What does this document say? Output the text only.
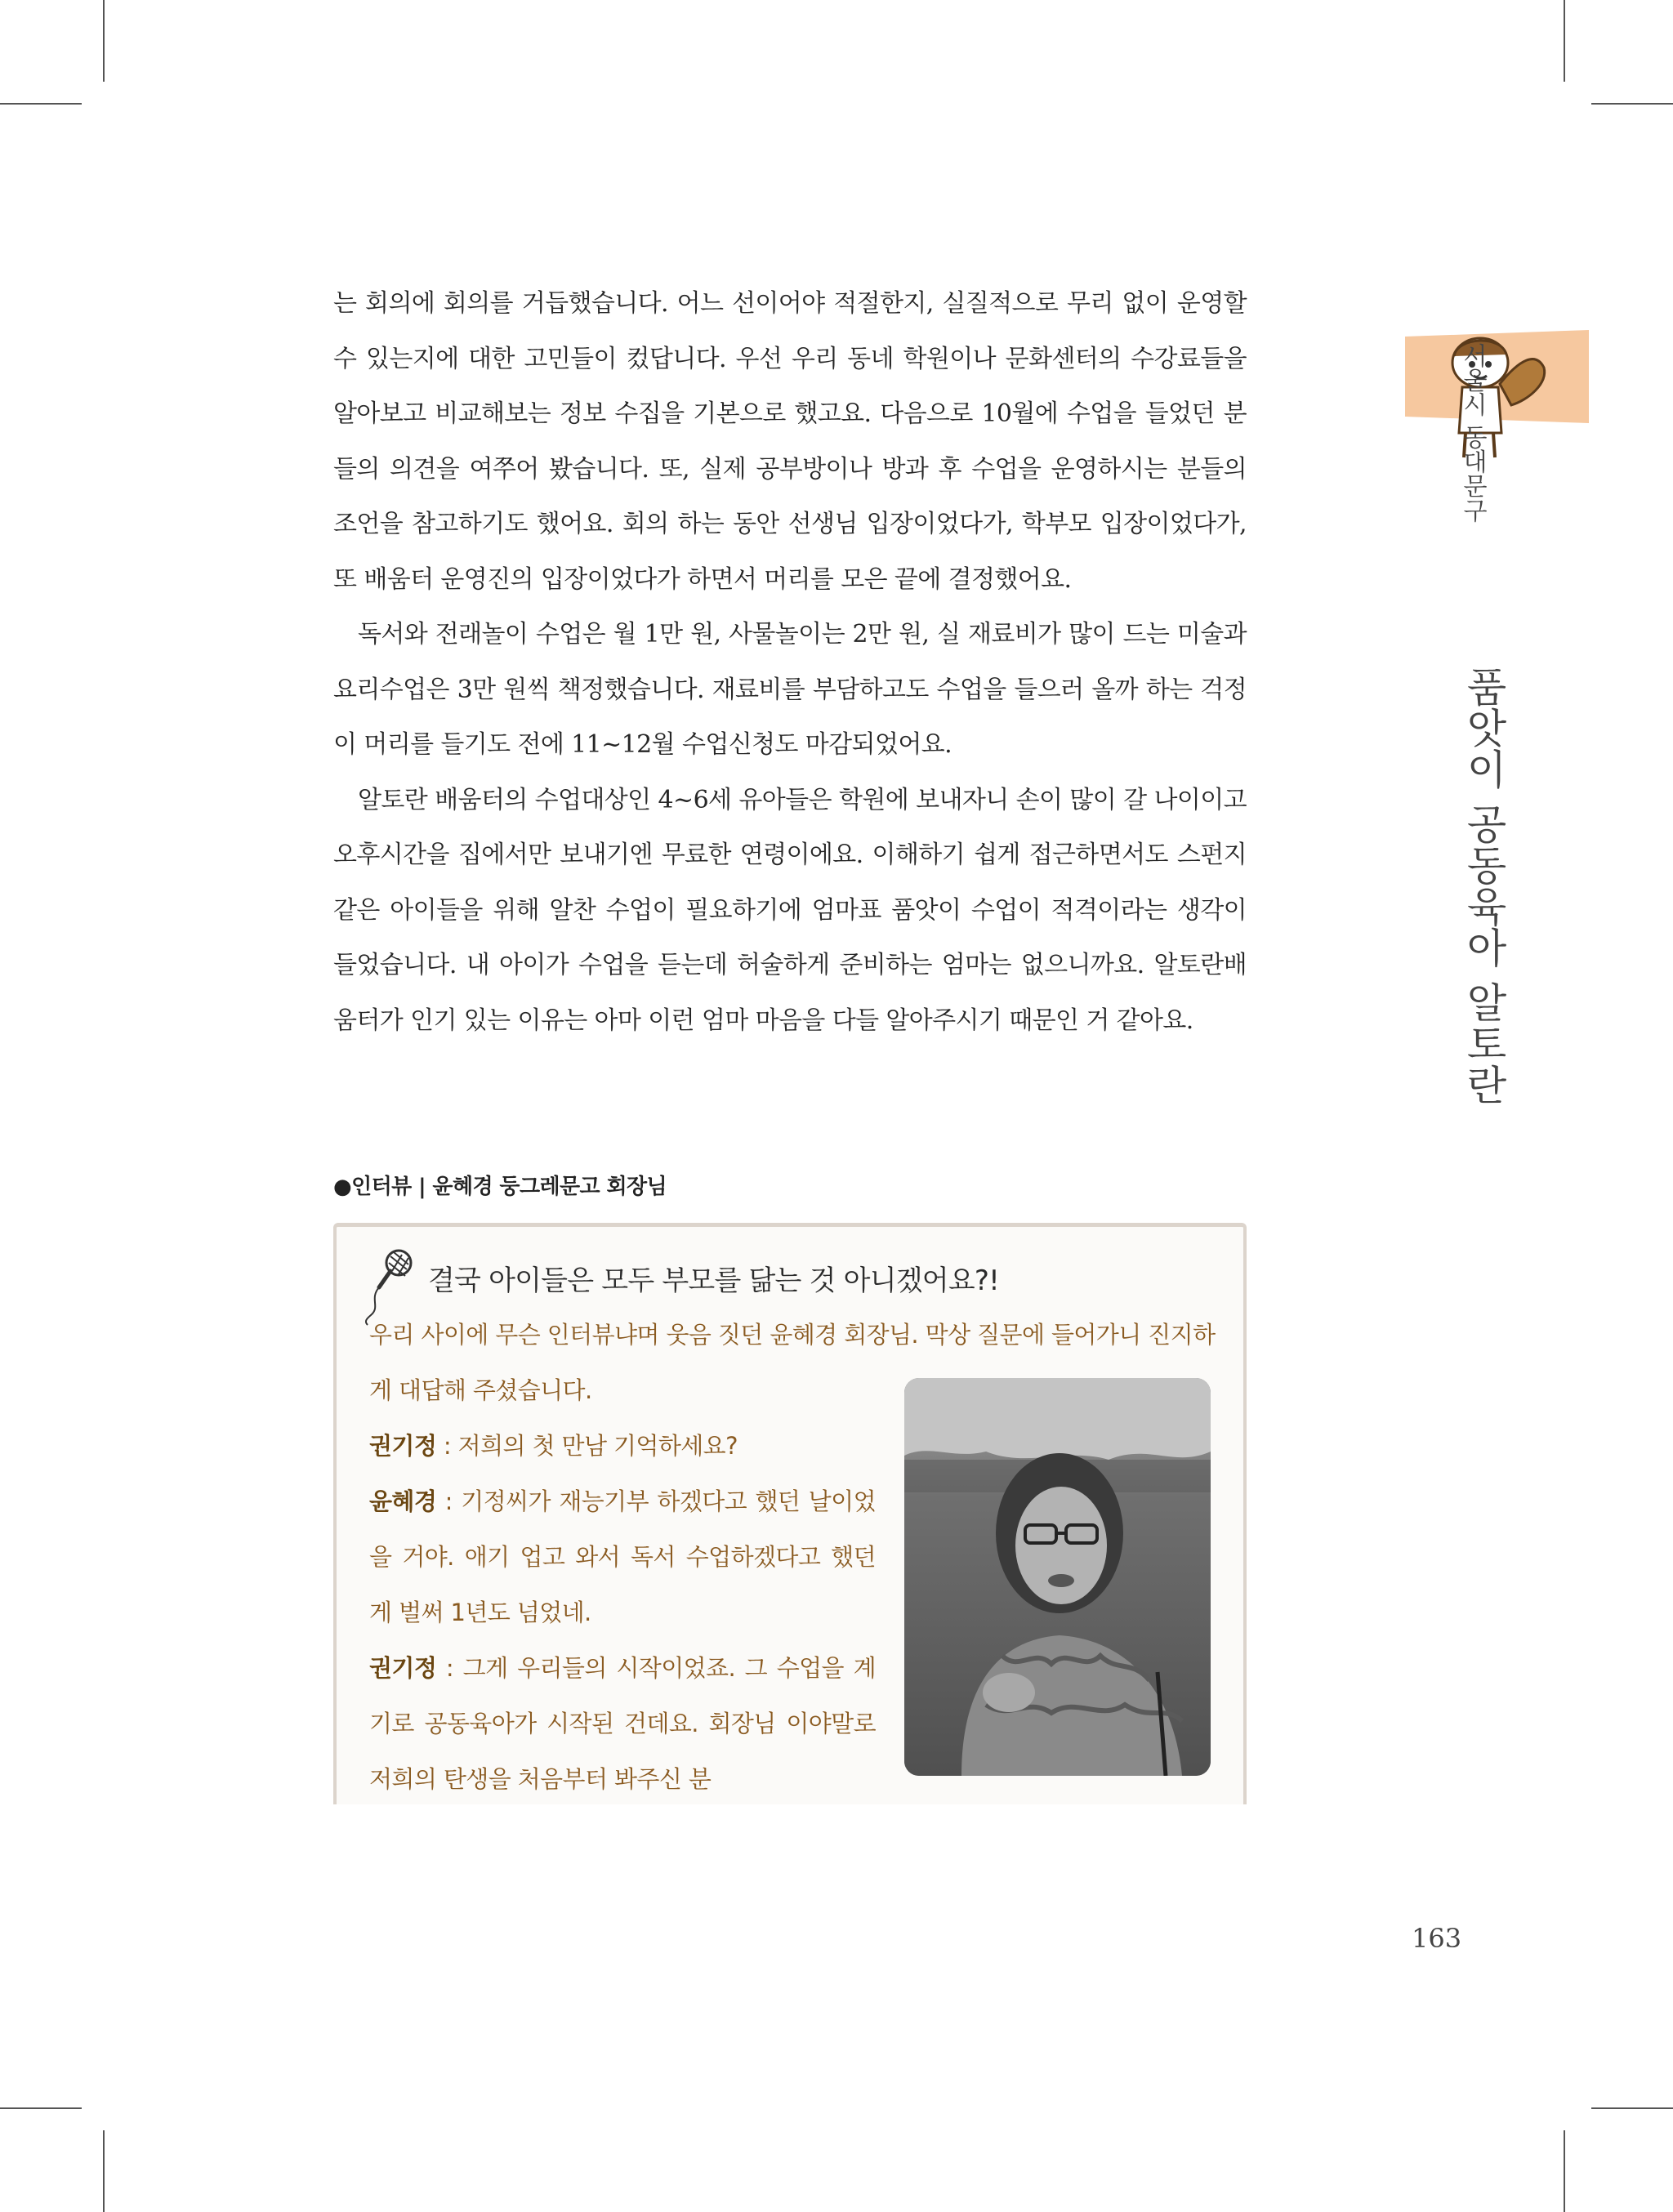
는 회의에 회의를 거듭했습니다. 어느 선이어야 적절한지, 실질적으로 무리 없이 운영할 수 있는지에 대한 고민들이 컸답니다. 우선 우리 동네 학원이나 문화센터의 수강료들을 알아보고 비교해보는 정보 수집을 기본으로 했고요. 다음으로 10월에 수업을 들었던 분들의 의견을 여쭈어 봤습니다. 또, 실제 공부방이나 방과 후 수업을 운영하시는 분들의 조언을 참고하기도 했어요. 회의 하는 동안 선생님 입장이었다가, 학부모 입장이었다가, 또 배움터 운영진의 입장이었다가 하면서 머리를 모은 끝에 결정했어요.

독서와 전래놀이 수업은 월 1만 원, 사물놀이는 2만 원, 실 재료비가 많이 드는 미술과 요리수업은 3만 원씩 책정했습니다. 재료비를 부담하고도 수업을 들으러 올까 하는 걱정이 머리를 들기도 전에 11~12월 수업신청도 마감되었어요.

알토란 배움터의 수업대상인 4~6세 유아들은 학원에 보내자니 손이 많이 갈 나이이고 오후시간을 집에서만 보내기엔 무료한 연령이에요. 이해하기 쉽게 접근하면서도 스펀지 같은 아이들을 위해 알찬 수업이 필요하기에 엄마표 품앗이 수업이 적격이라는 생각이 들었습니다. 내 아이가 수업을 듣는데 허술하게 준비하는 엄마는 없으니까요. 알토란배움터가 인기 있는 이유는 아마 이런 엄마 마음을 다들 알아주시기 때문인 거 같아요.

●인터뷰 | 윤혜경 둥그레문고 회장님
결국 아이들은 모두 부모를 닮는 것 아니겠어요?!
우리 사이에 무슨 인터뷰냐며 웃음 짓던 윤혜경 회장님. 막상 질문에 들어가니 진지하게 대답해 주셨습니다.

권기정 : 저희의 첫 만남 기억하세요?

윤혜경 : 기정씨가 재능기부 하겠다고 했던 날이었을 거야. 애기 업고 와서 독서 수업하겠다고 했던 게 벌써 1년도 넘었네.

권기정 : 그게 우리들의 시작이었죠. 그 수업을 계기로 공동육아가 시작된 건데요. 회장님 이야말로 저희의 탄생을 처음부터 봐주신 분

서울시 동대문구
품앗이 공동육아 알토란
163
